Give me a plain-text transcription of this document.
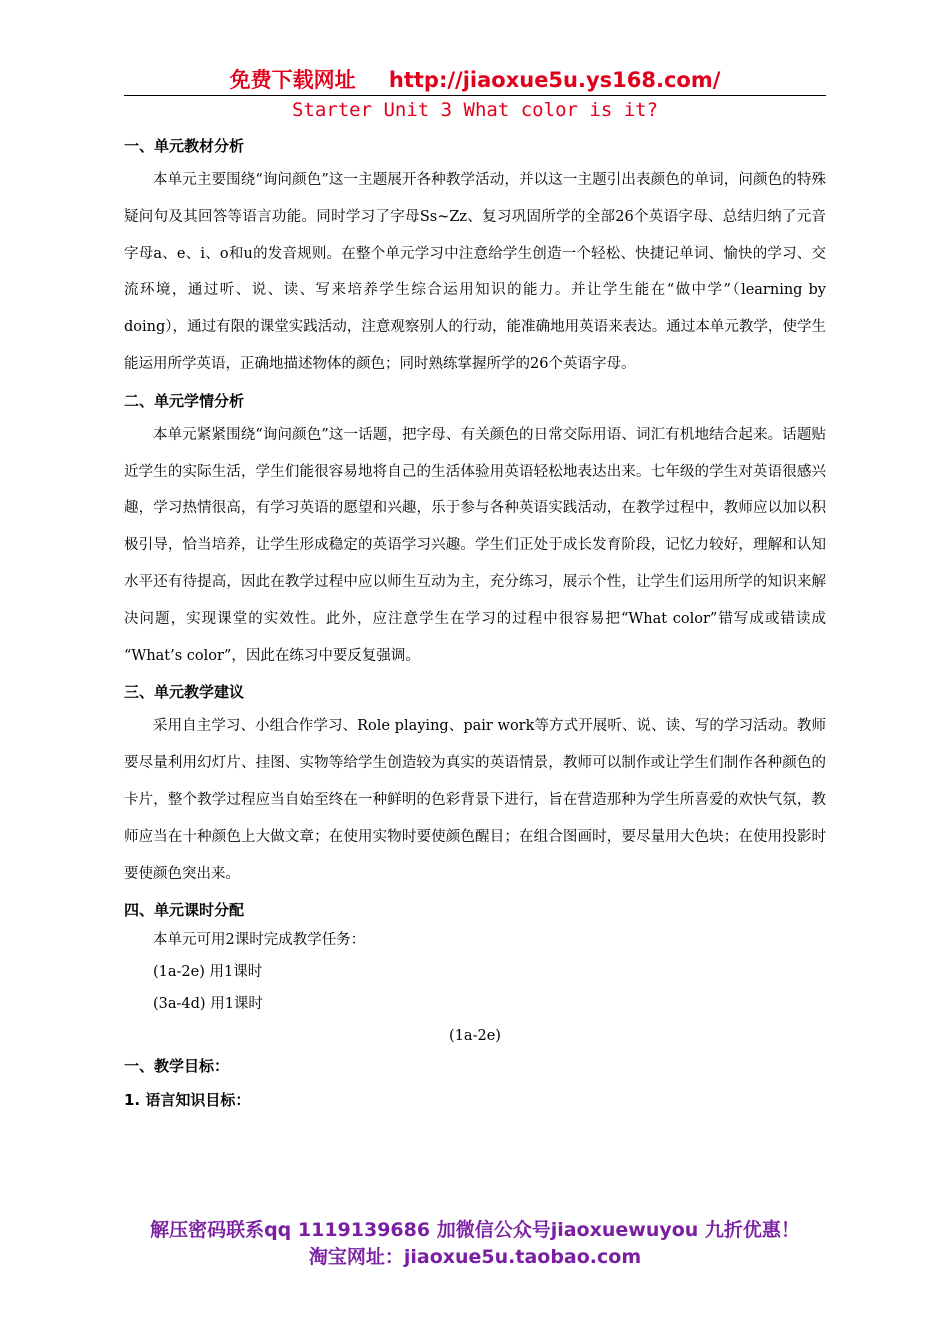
免费下载网址 http://jiaoxue5u.ys168.com/
Starter Unit 3 What color is it?

一、单元教材分析

本单元主要围绕“询问颜色”这一主题展开各种教学活动，并以这一主题引出表颜色的单词，问颜色的特殊疑问句及其回答等语言功能。同时学习了字母Ss~Zz、复习巩固所学的全部26个英语字母、总结归纳了元音字母a、e、i、o和u的发音规则。在整个单元学习中注意给学生创造一个轻松、快捷记单词、愉快的学习、交流环境，通过听、说、读、写来培养学生综合运用知识的能力。并让学生能在“做中学”（learning by doing），通过有限的课堂实践活动，注意观察别人的行动，能准确地用英语来表达。通过本单元教学，使学生能运用所学英语，正确地描述物体的颜色；同时熟练掌握所学的26个英语字母。

二、单元学情分析

本单元紧紧围绕“询问颜色”这一话题，把字母、有关颜色的日常交际用语、词汇有机地结合起来。话题贴近学生的实际生活，学生们能很容易地将自己的生活体验用英语轻松地表达出来。七年级的学生对英语很感兴趣，学习热情很高，有学习英语的愿望和兴趣，乐于参与各种英语实践活动，在教学过程中，教师应以加以积极引导，恰当培养，让学生形成稳定的英语学习兴趣。学生们正处于成长发育阶段，记忆力较好，理解和认知水平还有待提高，因此在教学过程中应以师生互动为主，充分练习，展示个性，让学生们运用所学的知识来解决问题，实现课堂的实效性。此外，应注意学生在学习的过程中很容易把“What color”错写成或错读成 “What’s color”，因此在练习中要反复强调。

三、单元教学建议

采用自主学习、小组合作学习、Role playing、pair work等方式开展听、说、读、写的学习活动。教师要尽量利用幻灯片、挂图、实物等给学生创造较为真实的英语情景，教师可以制作或让学生们制作各种颜色的卡片，整个教学过程应当自始至终在一种鲜明的色彩背景下进行，旨在营造那种为学生所喜爱的欢快气氛，教师应当在十种颜色上大做文章；在使用实物时要使颜色醒目；在组合图画时，要尽量用大色块；在使用投影时要使颜色突出来。

四、单元课时分配

本单元可用2课时完成教学任务：

(1a-2e) 用1课时

(3a-4d) 用1课时

(1a-2e)

一、教学目标：

1. 语言知识目标：

解压密码联系qq 1119139686 加微信公众号jiaoxuewuyou 九折优惠！
淘宝网址：jiaoxue5u.taobao.com
